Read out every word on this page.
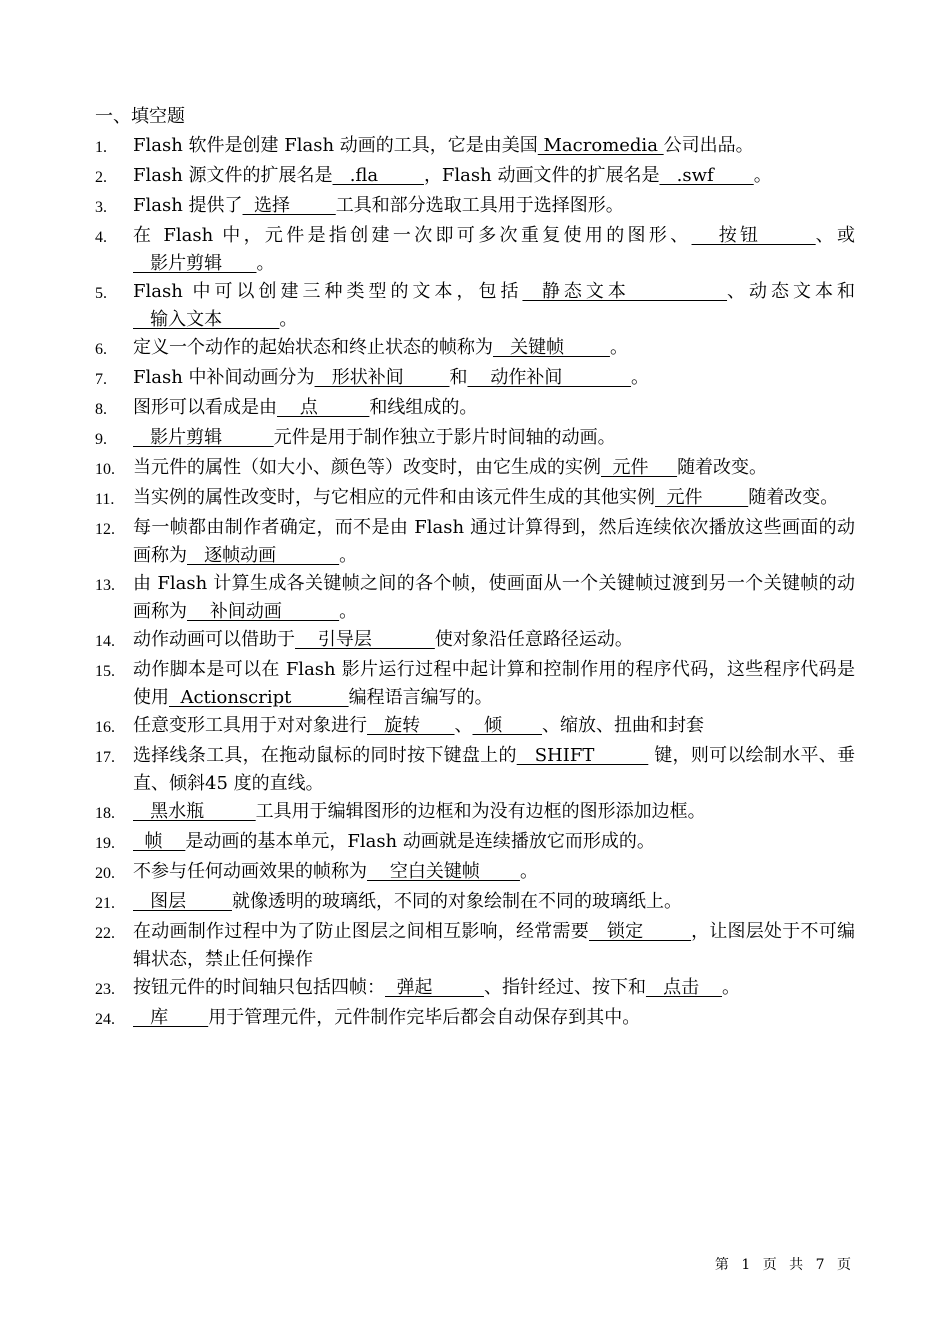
一、填空题
1.	Flash 软件是创建 Flash 动画的工具，它是由美国 Macromedia 公司出品。
2.	Flash 源文件的扩展名是   .fla        ，Flash 动画文件的扩展名是   .swf       。
3.	Flash 提供了  选择        工具和部分选取工具用于选择图形。
4.	在 Flash 中，元件是指创建一次即可多次重复使用的图形、   按钮      、或   影片剪辑      。
5.	Flash 中可以创建三种类型的文本，包括  静态文本          、动态文本和   输入文本          。
6.	定义一个动作的起始状态和终止状态的帧称为   关键帧        。
7.	Flash 中补间动画分为   形状补间        和    动作补间            。
8.	图形可以看成是由    点         和线组成的。
9.	影片剪辑         元件是用于制作独立于影片时间轴的动画。
10.	当元件的属性（如大小、颜色等）改变时，由它生成的实例  元件     随着改变。
11.	当实例的属性改变时，与它相应的元件和由该元件生成的其他实例  元件        随着改变。
12.	每一帧都由制作者确定，而不是由 Flash 通过计算得到，然后连续依次播放这些画面的动画称为   逐帧动画           。
13.	由 Flash 计算生成各关键帧之间的各个帧，使画面从一个关键帧过渡到另一个关键帧的动画称为    补间动画          。
14.	动作动画可以借助于    引导层           使对象沿任意路径运动。
15.	动作脚本是可以在 Flash 影片运行过程中起计算和控制作用的程序代码，这些程序代码是使用  Actionscript          编程语言编写的。
16.	任意变形工具用于对对象进行   旋转      、  倾       、缩放、扭曲和封套
17.	选择线条工具，在拖动鼠标的同时按下键盘上的   SHIFT          键，则可以绘制水平、垂直、倾斜45 度的直线。
18.	黑水瓶         工具用于编辑图形的边框和为没有边框的图形添加边框。
19.	帧    是动画的基本单元，Flash 动画就是连续播放它而形成的。
20.	不参与任何动画效果的帧称为    空白关键帧       。
21.	图层        就像透明的玻璃纸，不同的对象绘制在不同的玻璃纸上。
22.	在动画制作过程中为了防止图层之间相互影响，经常需要   锁定        ，让图层处于不可编辑状态，禁止任何操作
23.	按钮元件的时间轴只包括四帧：  弹起         、指针经过、按下和   点击    。
24.	库       用于管理元件，元件制作完毕后都会自动保存到其中。
第 1 页 共 7 页
